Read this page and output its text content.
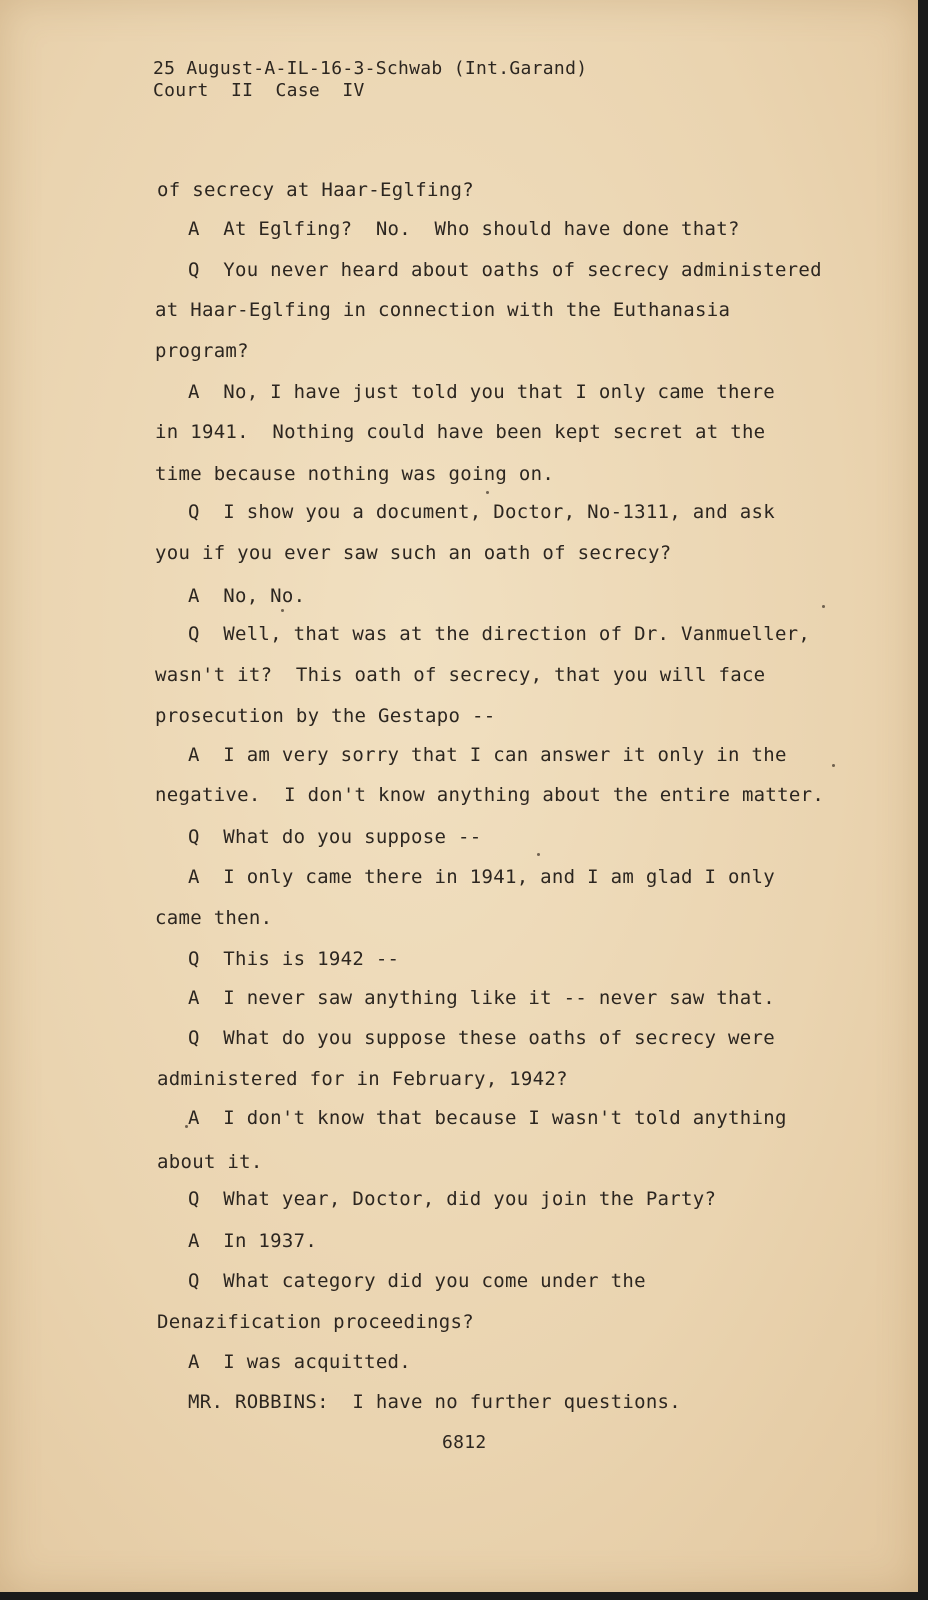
25 August-A-IL-16-3-Schwab (Int.Garand)
Court  II  Case  IV
of secrecy at Haar-Eglfing?
A  At Eglfing?  No.  Who should have done that?
Q  You never heard about oaths of secrecy administered
at Haar-Eglfing in connection with the Euthanasia
program?
A  No, I have just told you that I only came there
in 1941.  Nothing could have been kept secret at the
time because nothing was going on.
Q  I show you a document, Doctor, No-1311, and ask
you if you ever saw such an oath of secrecy?
A  No, No.
Q  Well, that was at the direction of Dr. Vanmueller,
wasn't it?  This oath of secrecy, that you will face
prosecution by the Gestapo --
A  I am very sorry that I can answer it only in the
negative.  I don't know anything about the entire matter.
Q  What do you suppose --
A  I only came there in 1941, and I am glad I only
came then.
Q  This is 1942 --
A  I never saw anything like it -- never saw that.
Q  What do you suppose these oaths of secrecy were
administered for in February, 1942?
A  I don't know that because I wasn't told anything
about it.
Q  What year, Doctor, did you join the Party?
A  In 1937.
Q  What category did you come under the
Denazification proceedings?
A  I was acquitted.
MR. ROBBINS:  I have no further questions.
6812
